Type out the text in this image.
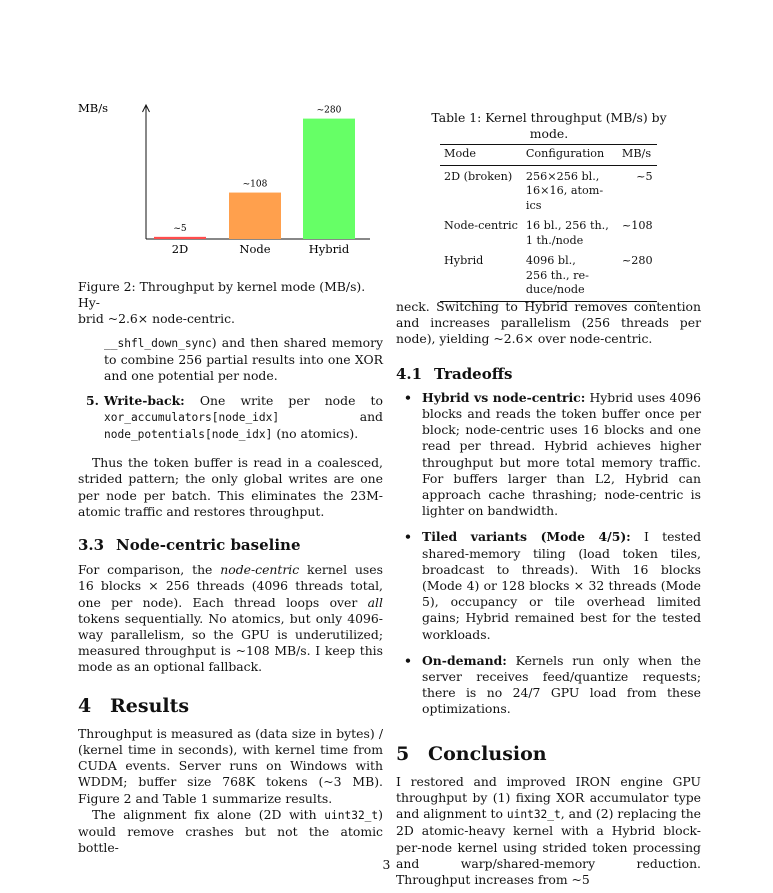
MB/s
~5
2D
~108
Node
~280
Hybrid
Figure 2: Throughput by kernel mode (MB/s). Hy-
brid ~2.6× node-centric.
Table 1: Kernel throughput (MB/s) by mode.
Mode	Configuration	MB/s
2D (broken)	256×256 bl.,
16×16, atom-
ics	~5
Node-centric	16 bl., 256 th.,
1 th./node	~108
Hybrid	4096 bl.,
256 th., re-
duce/node	~280

__shfl_down_sync) and then shared memory to combine 256 partial results into one XOR and one potential per node.

5. Write-back: One write per node to xor_accumulators[node_idx]	and node_potentials[node_idx] (no atomics).

Thus the token buffer is read in a coalesced, strided pattern; the only global writes are one per node per batch. This eliminates the 23M-atomic traffic and restores throughput.

3.3 Node-centric baseline

For comparison, the node-centric kernel uses 16 blocks × 256 threads (4096 threads total, one per node). Each thread loops over all tokens sequentially. No atomics, but only 4096-way parallelism, so the GPU is underutilized; measured throughput is ~108 MB/s. I keep this mode as an optional fallback.

4 Results

Throughput is measured as (data size in bytes) / (kernel time in seconds), with kernel time from CUDA events. Server runs on Windows with WDDM; buffer size 768K tokens (~3 MB). Figure 2 and Table 1 summarize results.

The alignment fix alone (2D with uint32_t) would remove crashes but not the atomic bottle-

neck. Switching to Hybrid removes contention and increases parallelism (256 threads per node), yielding ~2.6× over node-centric.

4.1 Tradeoffs
• Hybrid vs node-centric: Hybrid uses 4096 blocks and reads the token buffer once per block; node-centric uses 16 blocks and one read per thread. Hybrid achieves higher throughput but more total memory traffic. For buffers larger than L2, Hybrid can approach cache thrashing; node-centric is lighter on bandwidth.
• Tiled variants (Mode 4/5): I tested shared-memory tiling (load token tiles, broadcast to threads). With 16 blocks (Mode 4) or 128 blocks × 32 threads (Mode 5), occupancy or tile overhead limited gains; Hybrid remained best for the tested workloads.
• On-demand: Kernels run only when the server receives feed/quantize requests; there is no 24/7 GPU load from these optimizations.
5 Conclusion

I restored and improved IRON engine GPU throughput by (1) fixing XOR accumulator type and alignment to uint32_t, and (2) replacing the 2D atomic-heavy kernel with a Hybrid block-per-node kernel using strided token processing and warp/shared-memory reduction. Throughput increases from ~5

3
